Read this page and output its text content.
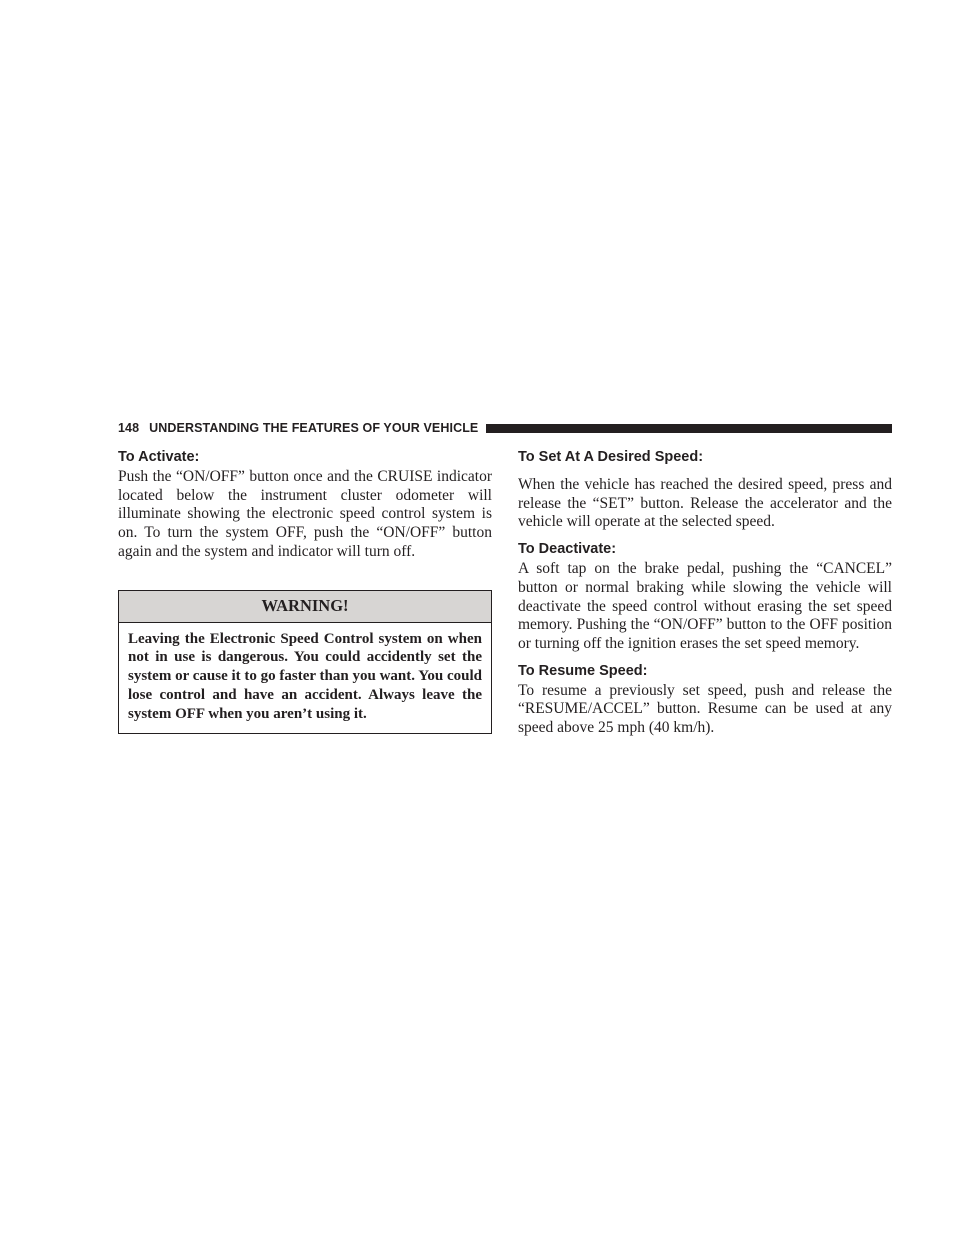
148 UNDERSTANDING THE FEATURES OF YOUR VEHICLE
To Activate:

Push the “ON/OFF” button once and the CRUISE indicator located below the instrument cluster odometer will illuminate showing the electronic speed control system is on. To turn the system OFF, push the “ON/OFF” button again and the system and indicator will turn off.

WARNING!
Leaving the Electronic Speed Control system on when not in use is dangerous. You could accidently set the system or cause it to go faster than you want. You could lose control and have an accident. Always leave the system OFF when you aren’t using it.
To Set At A Desired Speed:

When the vehicle has reached the desired speed, press and release the “SET” button. Release the accelerator and the vehicle will operate at the selected speed.

To Deactivate:

A soft tap on the brake pedal, pushing the “CANCEL” button or normal braking while slowing the vehicle will deactivate the speed control without erasing the set speed memory. Pushing the “ON/OFF” button to the OFF position or turning off the ignition erases the set speed memory.

To Resume Speed:

To resume a previously set speed, push and release the “RESUME/ACCEL” button. Resume can be used at any speed above 25 mph (40 km/h).
